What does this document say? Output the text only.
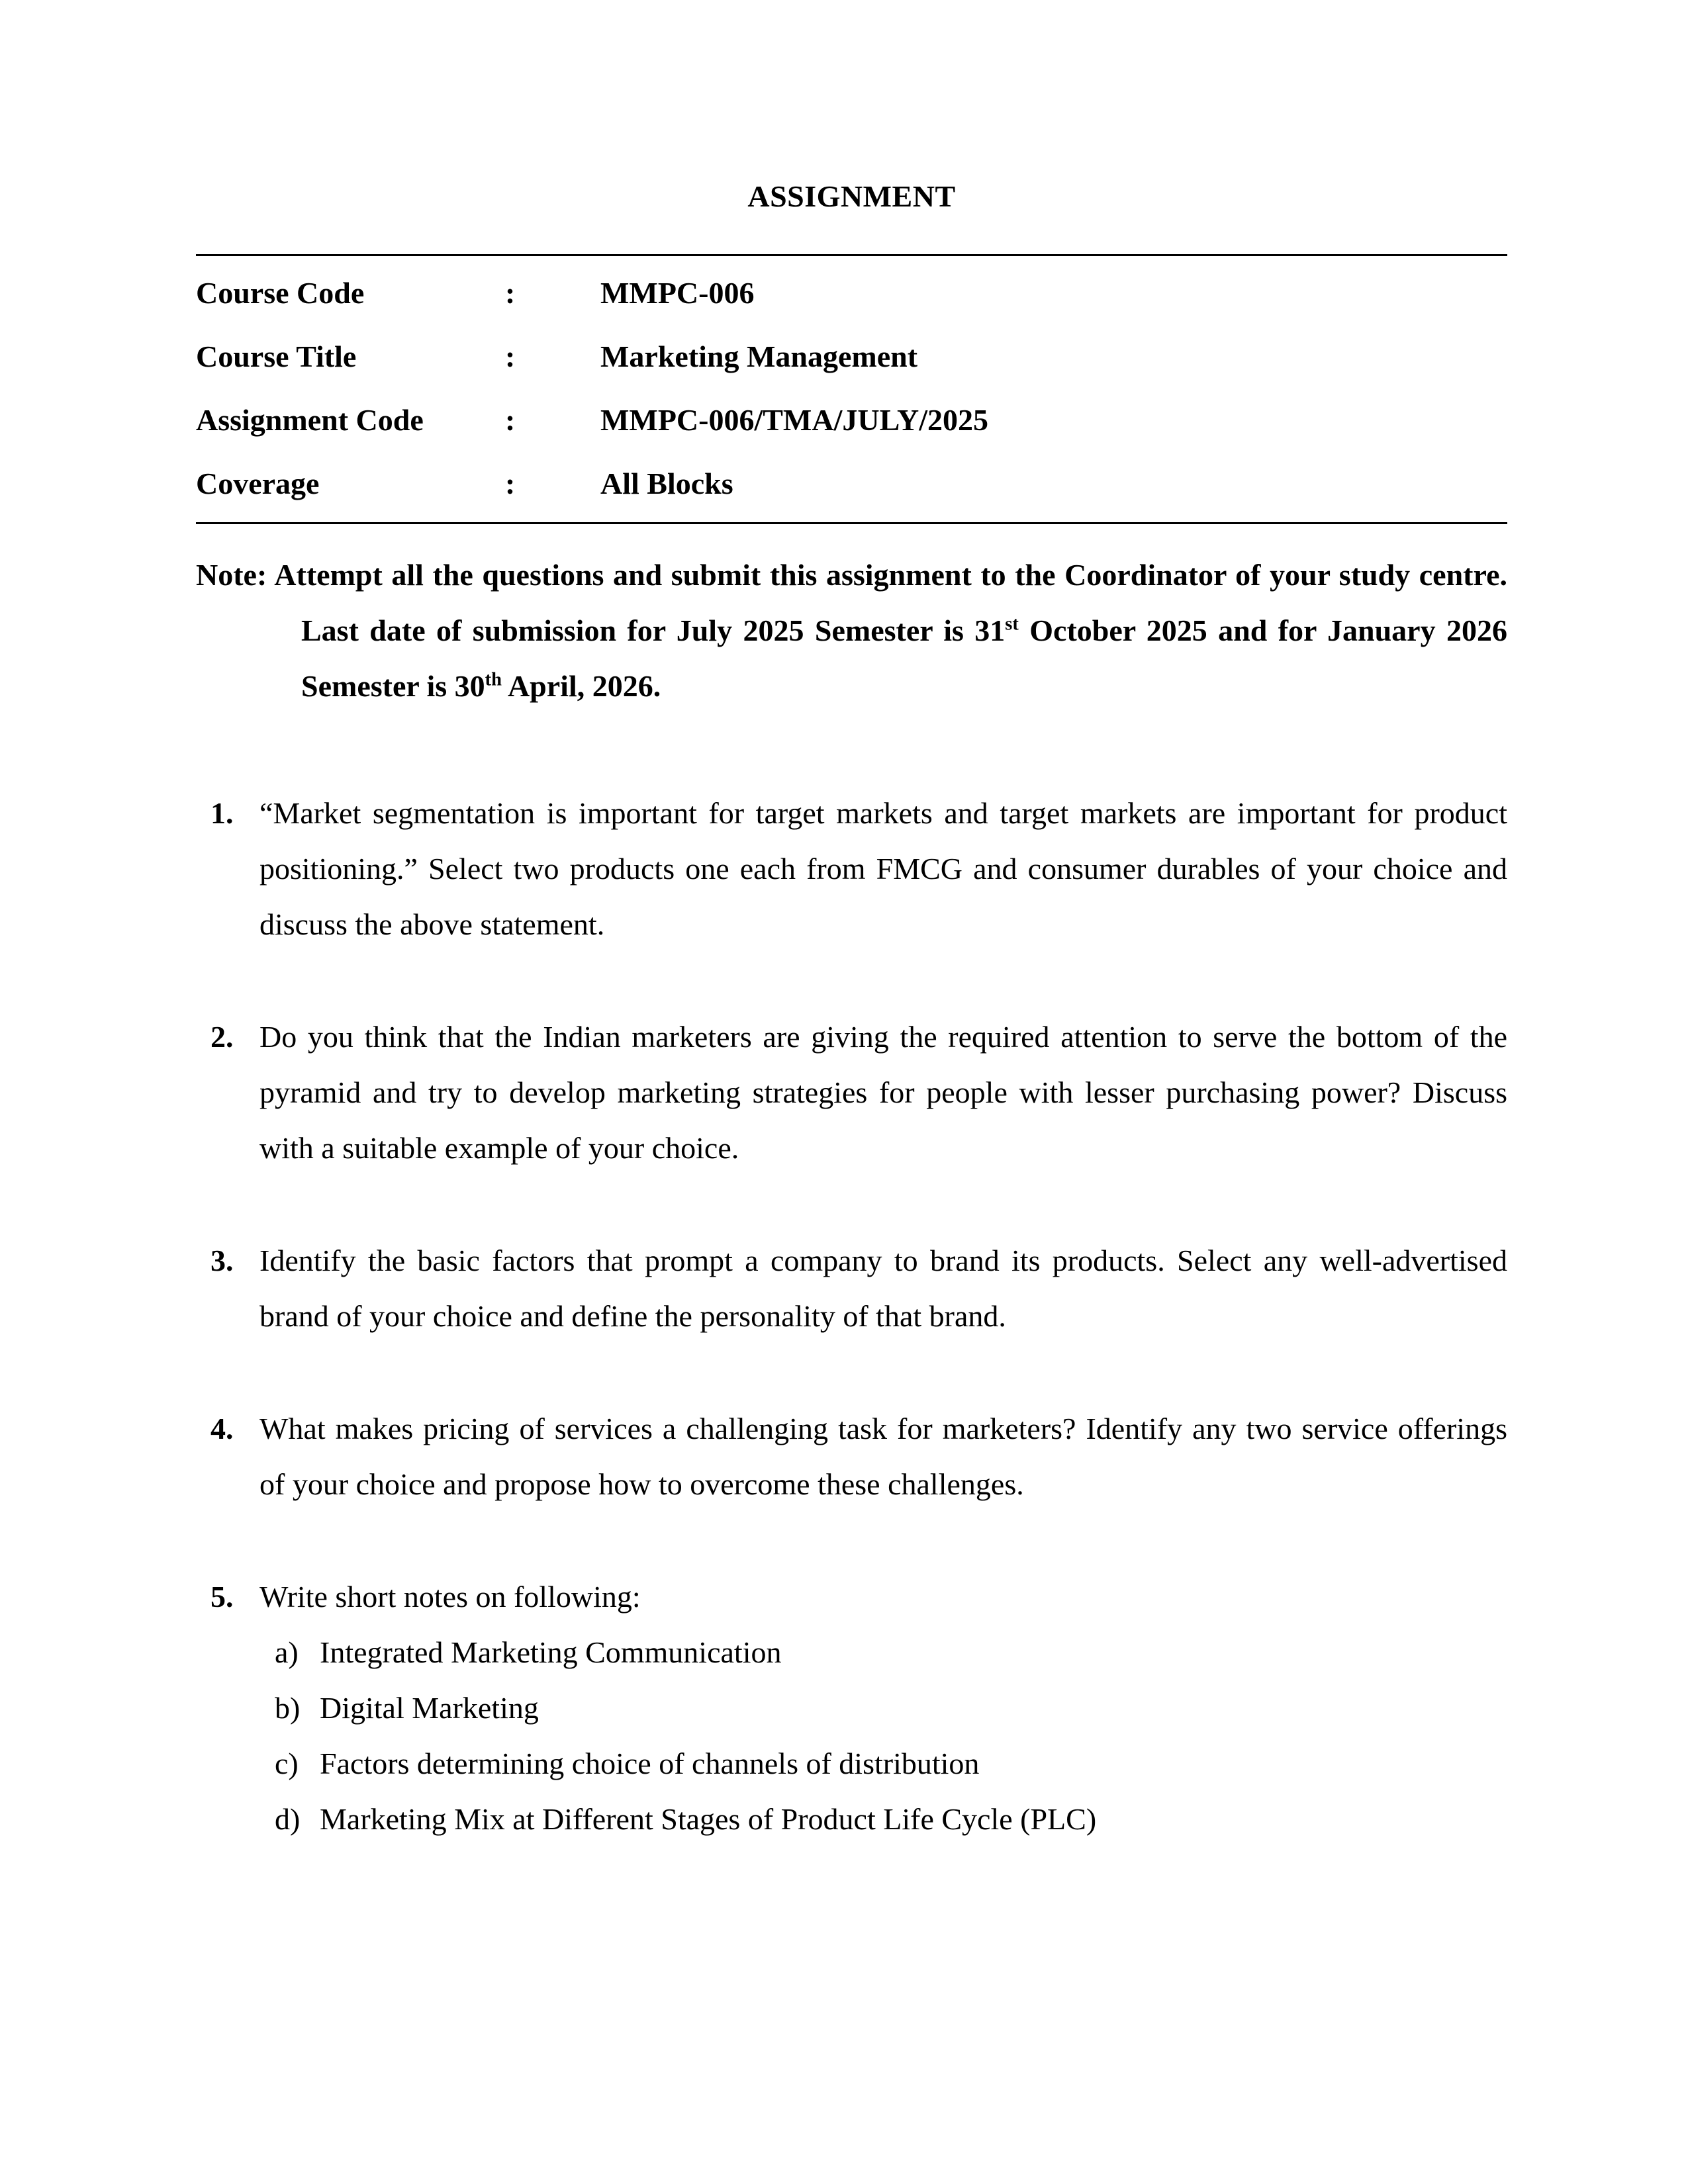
ASSIGNMENT
Course Code	:	MMPC-006
Course Title	:	Marketing Management
Assignment Code	:	MMPC-006/TMA/JULY/2025
Coverage	:	All Blocks
Note: Attempt all the questions and submit this assignment to the Coordinator of your study centre. Last date of submission for July 2025 Semester is 31st October 2025 and for January 2026 Semester is 30th April, 2026.
1. “Market segmentation is important for target markets and target markets are important for product positioning.” Select two products one each from FMCG and consumer durables of your choice and discuss the above statement.
2. Do you think that the Indian marketers are giving the required attention to serve the bottom of the pyramid and try to develop marketing strategies for people with lesser purchasing power? Discuss with a suitable example of your choice.
3. Identify the basic factors that prompt a company to brand its products. Select any well-advertised brand of your choice and define the personality of that brand.
4. What makes pricing of services a challenging task for marketers? Identify any two service offerings of your choice and propose how to overcome these challenges.
5. Write short notes on following:
a) Integrated Marketing Communication
b) Digital Marketing
c) Factors determining choice of channels of distribution
d) Marketing Mix at Different Stages of Product Life Cycle (PLC)
